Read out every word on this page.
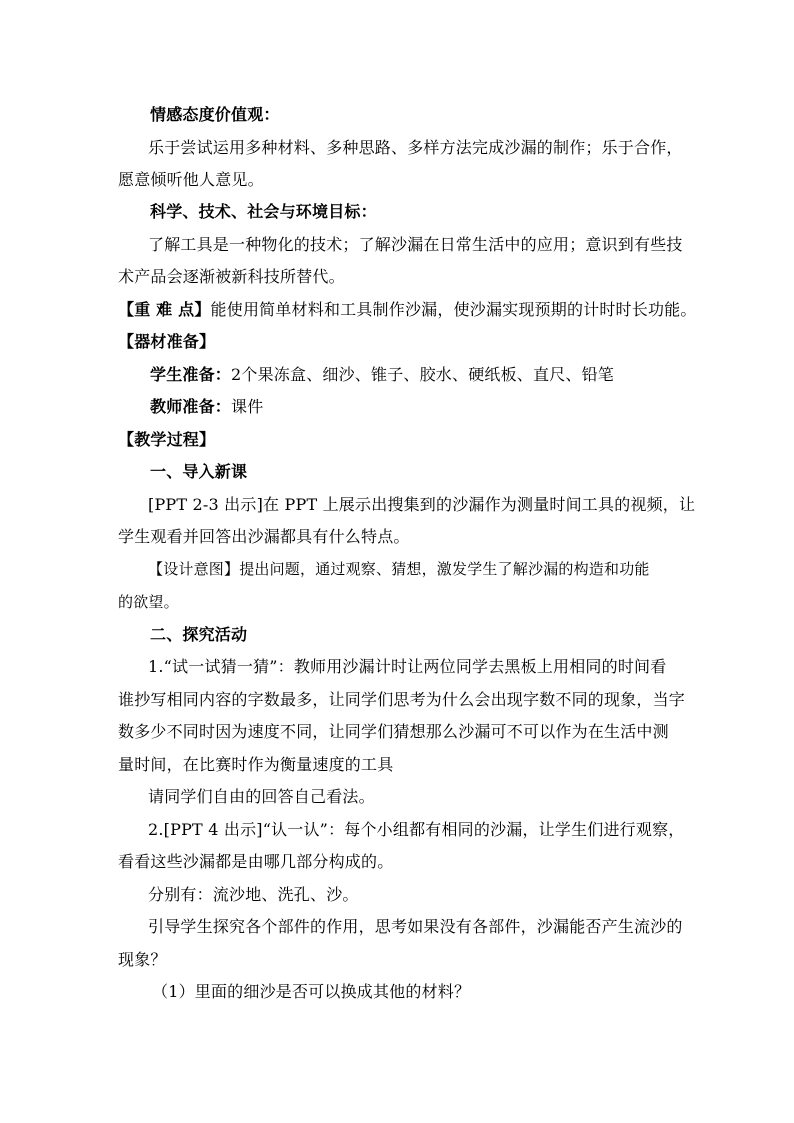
情感态度价值观：
乐于尝试运用多种材料、多种思路、多样方法完成沙漏的制作；乐于合作，
愿意倾听他人意见。
科学、技术、社会与环境目标：
了解工具是一种物化的技术；了解沙漏在日常生活中的应用；意识到有些技
术产品会逐渐被新科技所替代。
【重 难 点】能使用简单材料和工具制作沙漏，使沙漏实现预期的计时时长功能。
【器材准备】
学生准备：2个果冻盒、细沙、锥子、胶水、硬纸板、直尺、铅笔
教师准备：课件
【教学过程】
一、导入新课
[PPT 2-3 出示]在 PPT 上展示出搜集到的沙漏作为测量时间工具的视频，让
学生观看并回答出沙漏都具有什么特点。
【设计意图】提出问题，通过观察、猜想，激发学生了解沙漏的构造和功能
的欲望。
二、探究活动
1.“试一试猜一猜”：教师用沙漏计时让两位同学去黑板上用相同的时间看
谁抄写相同内容的字数最多，让同学们思考为什么会出现字数不同的现象，当字
数多少不同时因为速度不同，让同学们猜想那么沙漏可不可以作为在生活中测
量时间，在比赛时作为衡量速度的工具
请同学们自由的回答自己看法。
2.[PPT 4 出示]“认一认”：每个小组都有相同的沙漏，让学生们进行观察，
看看这些沙漏都是由哪几部分构成的。
分别有：流沙地、洗孔、沙。
引导学生探究各个部件的作用，思考如果没有各部件，沙漏能否产生流沙的
现象？
（1）里面的细沙是否可以换成其他的材料？
